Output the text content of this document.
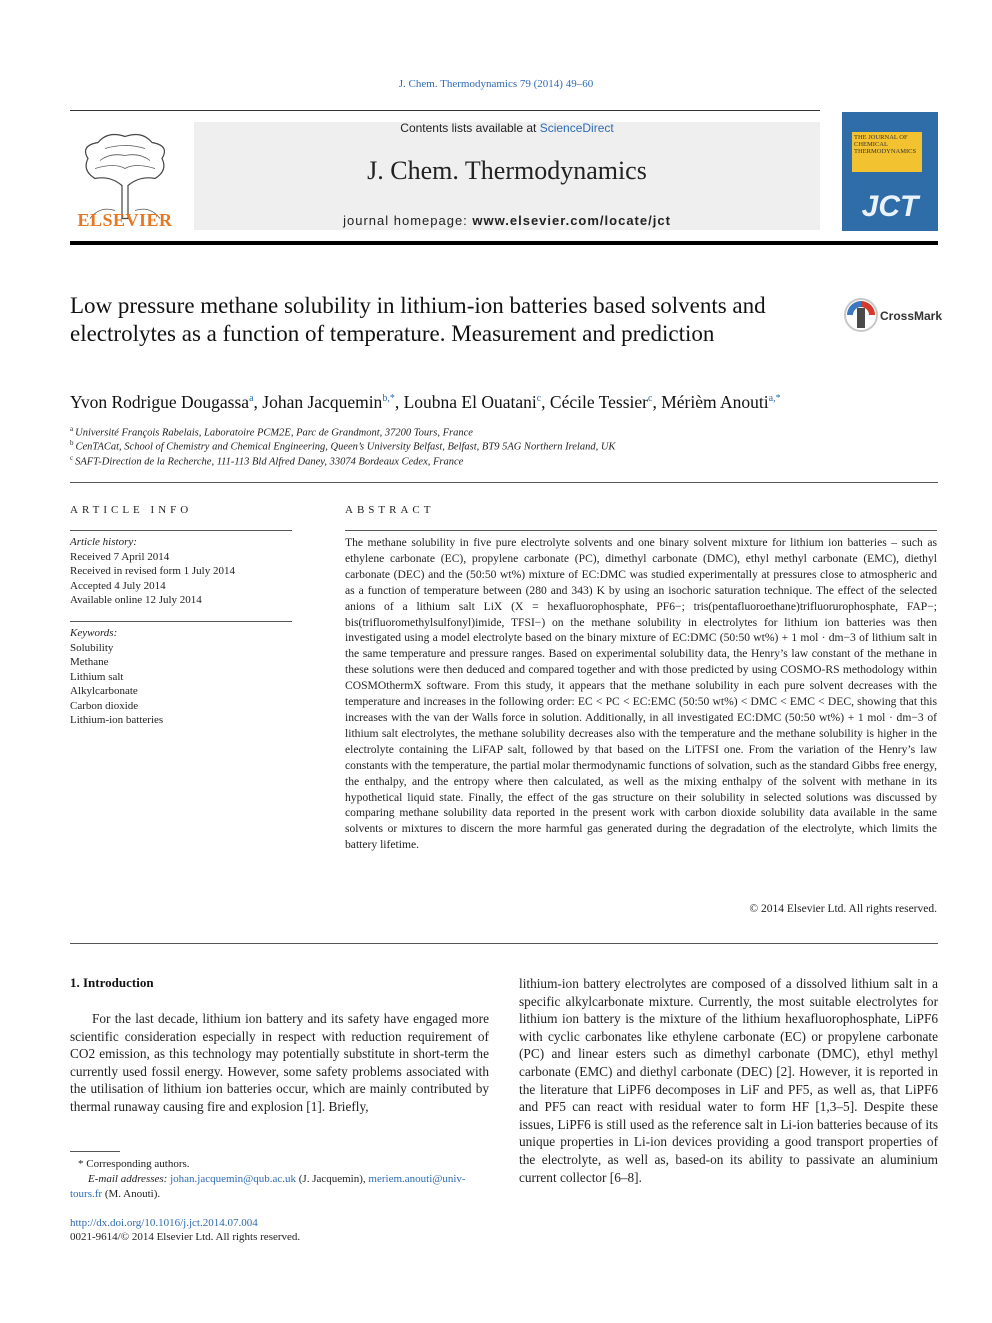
J. Chem. Thermodynamics 79 (2014) 49–60
ELSEVIER
Contents lists available at ScienceDirect
J. Chem. Thermodynamics
journal homepage: www.elsevier.com/locate/jct
THE JOURNAL OF CHEMICAL THERMODYNAMICS
JCT
Low pressure methane solubility in lithium-ion batteries based solvents and electrolytes as a function of temperature. Measurement and prediction
CrossMark
Yvon Rodrigue Dougassa$^a$, Johan Jacquemin$^{b,*}$, Loubna El Ouatani$^c$, Cécile Tessier$^c$, Mérièm Anouti$^{a,*}$
$^a$ Université François Rabelais, Laboratoire PCM2E, Parc de Grandmont, 37200 Tours, France
$^b$ CenTACat, School of Chemistry and Chemical Engineering, Queen’s University Belfast, Belfast, BT9 5AG Northern Ireland, UK
$^c$ SAFT-Direction de la Recherche, 111-113 Bld Alfred Daney, 33074 Bordeaux Cedex, France
ARTICLE INFO
Article history:
Received 7 April 2014
Received in revised form 1 July 2014
Accepted 4 July 2014
Available online 12 July 2014
Keywords:
Solubility
Methane
Lithium salt
Alkylcarbonate
Carbon dioxide
Lithium-ion batteries
ABSTRACT
The methane solubility in five pure electrolyte solvents and one binary solvent mixture for lithium ion batteries – such as ethylene carbonate (EC), propylene carbonate (PC), dimethyl carbonate (DMC), ethyl methyl carbonate (EMC), diethyl carbonate (DEC) and the (50:50 wt%) mixture of EC:DMC was studied experimentally at pressures close to atmospheric and as a function of temperature between (280 and 343) K by using an isochoric saturation technique. The effect of the selected anions of a lithium salt LiX (X = hexafluorophosphate, PF6−; tris(pentafluoroethane)trifluorurophosphate, FAP−; bis(trifluoromethylsulfonyl)imide, TFSI−) on the methane solubility in electrolytes for lithium ion batteries was then investigated using a model electrolyte based on the binary mixture of EC:DMC (50:50 wt%) + 1 mol · dm−3 of lithium salt in the same temperature and pressure ranges. Based on experimental solubility data, the Henry’s law constant of the methane in these solutions were then deduced and compared together and with those predicted by using COSMO-RS methodology within COSMOthermX software. From this study, it appears that the methane solubility in each pure solvent decreases with the temperature and increases in the following order: EC < PC < EC:EMC (50:50 wt%) < DMC < EMC < DEC, showing that this increases with the van der Walls force in solution. Additionally, in all investigated EC:DMC (50:50 wt%) + 1 mol · dm−3 of lithium salt electrolytes, the methane solubility decreases also with the temperature and the methane solubility is higher in the electrolyte containing the LiFAP salt, followed by that based on the LiTFSI one. From the variation of the Henry’s law constants with the temperature, the partial molar thermodynamic functions of solvation, such as the standard Gibbs free energy, the enthalpy, and the entropy where then calculated, as well as the mixing enthalpy of the solvent with methane in its hypothetical liquid state. Finally, the effect of the gas structure on their solubility in selected solutions was discussed by comparing methane solubility data reported in the present work with carbon dioxide solubility data available in the same solvents or mixtures to discern the more harmful gas generated during the degradation of the electrolyte, which limits the battery lifetime.
© 2014 Elsevier Ltd. All rights reserved.
1. Introduction
For the last decade, lithium ion battery and its safety have engaged more scientific consideration especially in respect with reduction requirement of CO2 emission, as this technology may potentially substitute in short-term the currently used fossil energy. However, some safety problems associated with the utilisation of lithium ion batteries occur, which are mainly contributed by thermal runaway causing fire and explosion [1]. Briefly,
lithium-ion battery electrolytes are composed of a dissolved lithium salt in a specific alkylcarbonate mixture. Currently, the most suitable electrolytes for lithium ion battery is the mixture of the lithium hexafluorophosphate, LiPF6 with cyclic carbonates like ethylene carbonate (EC) or propylene carbonate (PC) and linear esters such as dimethyl carbonate (DMC), ethyl methyl carbonate (EMC) and diethyl carbonate (DEC) [2]. However, it is reported in the literature that LiPF6 decomposes in LiF and PF5, as well as, that LiPF6 and PF5 can react with residual water to form HF [1,3–5]. Despite these issues, LiPF6 is still used as the reference salt in Li-ion batteries because of its unique properties in Li-ion devices providing a good transport properties of the electrolyte, as well as, based-on its ability to passivate an aluminium current collector [6–8].
* Corresponding authors.
E-mail addresses: johan.jacquemin@qub.ac.uk (J. Jacquemin), meriem.anouti@univ-tours.fr (M. Anouti).
http://dx.doi.org/10.1016/j.jct.2014.07.004
0021-9614/© 2014 Elsevier Ltd. All rights reserved.
